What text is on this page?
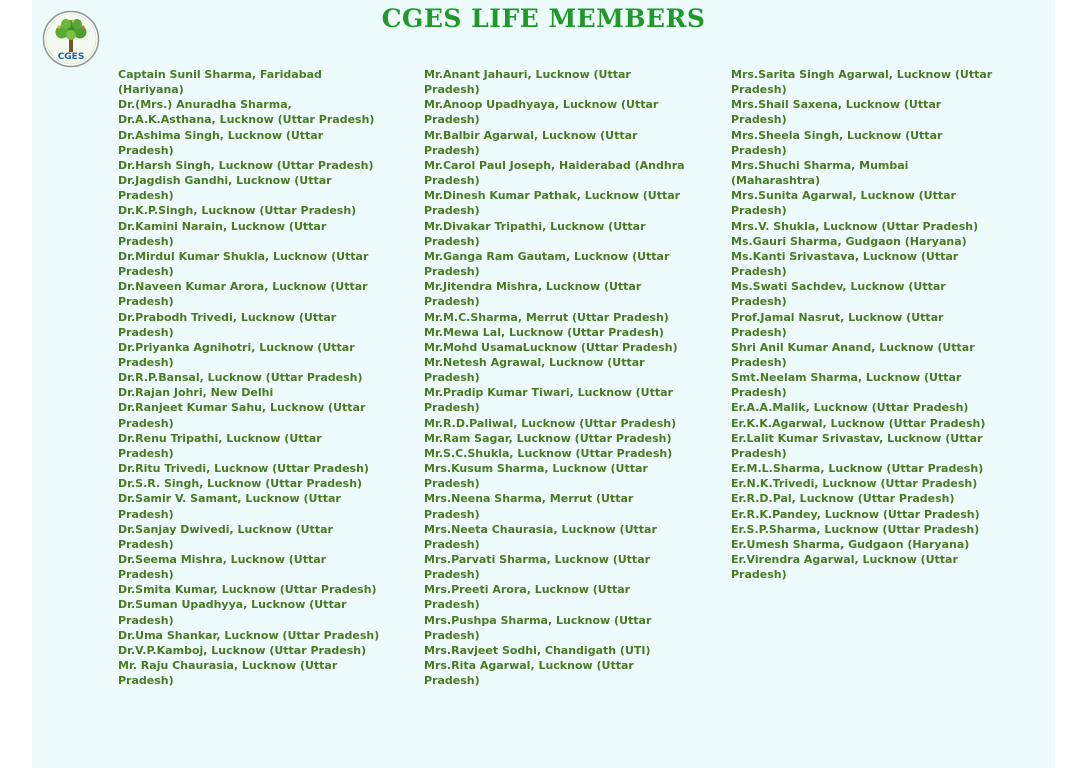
CGES
CGES LIFE MEMBERS
Captain Sunil Sharma, Faridabad (Hariyana)
Dr.(Mrs.) Anuradha Sharma,
Dr.A.K.Asthana, Lucknow (Uttar Pradesh)
Dr.Ashima Singh, Lucknow (Uttar Pradesh)
Dr.Harsh Singh, Lucknow (Uttar Pradesh)
Dr.Jagdish Gandhi, Lucknow (Uttar Pradesh)
Dr.K.P.Singh, Lucknow (Uttar Pradesh)
Dr.Kamini Narain, Lucknow (Uttar Pradesh)
Dr.Mirdul Kumar Shukla, Lucknow (Uttar Pradesh)
Dr.Naveen Kumar Arora, Lucknow (Uttar Pradesh)
Dr.Prabodh Trivedi, Lucknow (Uttar Pradesh)
Dr.Priyanka Agnihotri, Lucknow (Uttar Pradesh)
Dr.R.P.Bansal, Lucknow (Uttar Pradesh)
Dr.Rajan Johri, New Delhi
Dr.Ranjeet Kumar Sahu, Lucknow (Uttar Pradesh)
Dr.Renu Tripathi, Lucknow (Uttar Pradesh)
Dr.Ritu Trivedi, Lucknow (Uttar Pradesh)
Dr.S.R. Singh, Lucknow (Uttar Pradesh)
Dr.Samir V. Samant, Lucknow (Uttar Pradesh)
Dr.Sanjay Dwivedi, Lucknow (Uttar Pradesh)
Dr.Seema Mishra, Lucknow (Uttar Pradesh)
Dr.Smita Kumar, Lucknow (Uttar Pradesh)
Dr.Suman Upadhyya, Lucknow (Uttar Pradesh)
Dr.Uma Shankar, Lucknow (Uttar Pradesh)
Dr.V.P.Kamboj, Lucknow (Uttar Pradesh)
Mr. Raju Chaurasia, Lucknow (Uttar Pradesh)
Mr.Anant Jahauri, Lucknow (Uttar Pradesh)
Mr.Anoop Upadhyaya, Lucknow (Uttar Pradesh)
Mr.Balbir Agarwal, Lucknow (Uttar Pradesh)
Mr.Carol Paul Joseph, Haiderabad (Andhra Pradesh)
Mr.Dinesh Kumar Pathak, Lucknow (Uttar Pradesh)
Mr.Divakar Tripathi, Lucknow (Uttar Pradesh)
Mr.Ganga Ram Gautam, Lucknow (Uttar Pradesh)
Mr.Jitendra Mishra, Lucknow (Uttar Pradesh)
Mr.M.C.Sharma, Merrut (Uttar Pradesh)
Mr.Mewa Lal, Lucknow (Uttar Pradesh)
Mr.Mohd UsamaLucknow (Uttar Pradesh)
Mr.Netesh Agrawal, Lucknow (Uttar Pradesh)
Mr.Pradip Kumar Tiwari, Lucknow (Uttar Pradesh)
Mr.R.D.Paliwal, Lucknow (Uttar Pradesh)
Mr.Ram Sagar, Lucknow (Uttar Pradesh)
Mr.S.C.Shukla, Lucknow (Uttar Pradesh)
Mrs.Kusum Sharma, Lucknow (Uttar Pradesh)
Mrs.Neena Sharma, Merrut (Uttar Pradesh)
Mrs.Neeta Chaurasia, Lucknow (Uttar Pradesh)
Mrs.Parvati Sharma, Lucknow (Uttar Pradesh)
Mrs.Preeti Arora, Lucknow (Uttar Pradesh)
Mrs.Pushpa Sharma, Lucknow (Uttar Pradesh)
Mrs.Ravjeet Sodhi, Chandigath (UTI)
Mrs.Rita Agarwal, Lucknow (Uttar Pradesh)
Mrs.Sarita Singh Agarwal, Lucknow (Uttar Pradesh)
Mrs.Shail Saxena, Lucknow (Uttar Pradesh)
Mrs.Sheela Singh, Lucknow (Uttar Pradesh)
Mrs.Shuchi Sharma, Mumbai (Maharashtra)
Mrs.Sunita Agarwal, Lucknow (Uttar Pradesh)
Mrs.V. Shukla, Lucknow (Uttar Pradesh)
Ms.Gauri Sharma, Gudgaon (Haryana)
Ms.Kanti Srivastava, Lucknow (Uttar Pradesh)
Ms.Swati Sachdev, Lucknow (Uttar Pradesh)
Prof.Jamal Nasrut, Lucknow (Uttar Pradesh)
Shri Anil Kumar Anand, Lucknow (Uttar Pradesh)
Smt.Neelam Sharma, Lucknow (Uttar Pradesh)
Er.A.A.Malik, Lucknow (Uttar Pradesh)
Er.K.K.Agarwal, Lucknow (Uttar Pradesh)
Er.Lalit Kumar Srivastav, Lucknow (Uttar Pradesh)
Er.M.L.Sharma, Lucknow (Uttar Pradesh)
Er.N.K.Trivedi, Lucknow (Uttar Pradesh)
Er.R.D.Pal, Lucknow (Uttar Pradesh)
Er.R.K.Pandey, Lucknow (Uttar Pradesh)
Er.S.P.Sharma, Lucknow (Uttar Pradesh)
Er.Umesh Sharma, Gudgaon (Haryana)
Er.Virendra Agarwal, Lucknow (Uttar Pradesh)
